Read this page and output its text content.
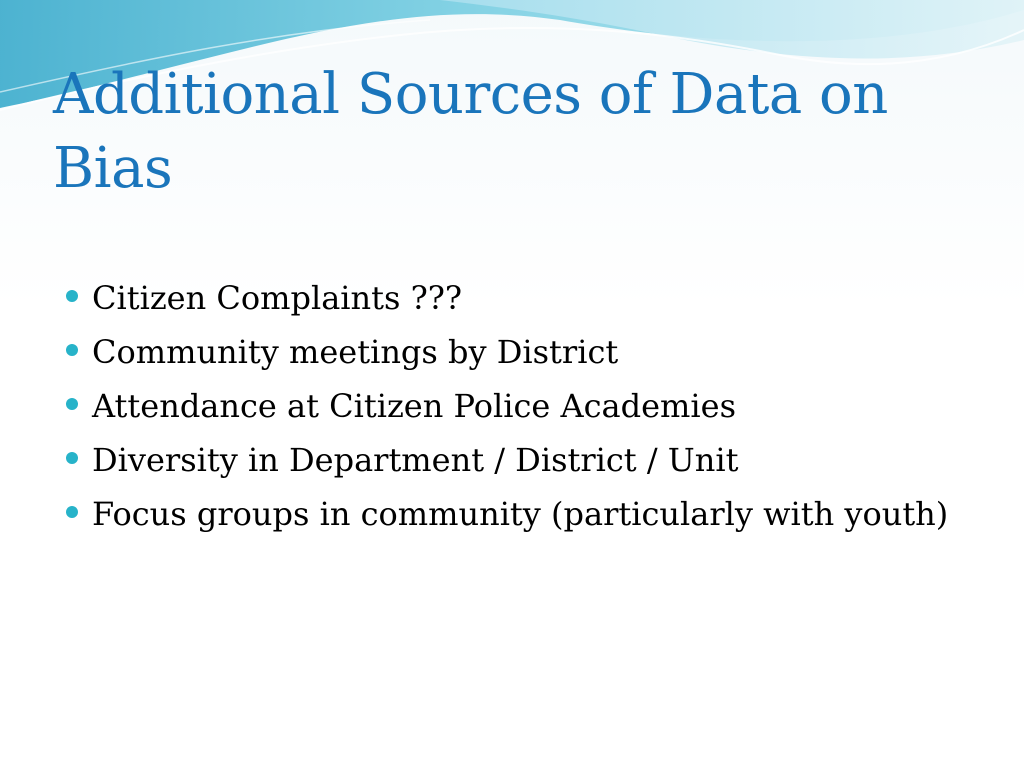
Additional Sources of Data on Bias
Citizen Complaints ???
Community meetings by District
Attendance at Citizen Police Academies
Diversity in Department / District / Unit
Focus groups in community (particularly with youth)
